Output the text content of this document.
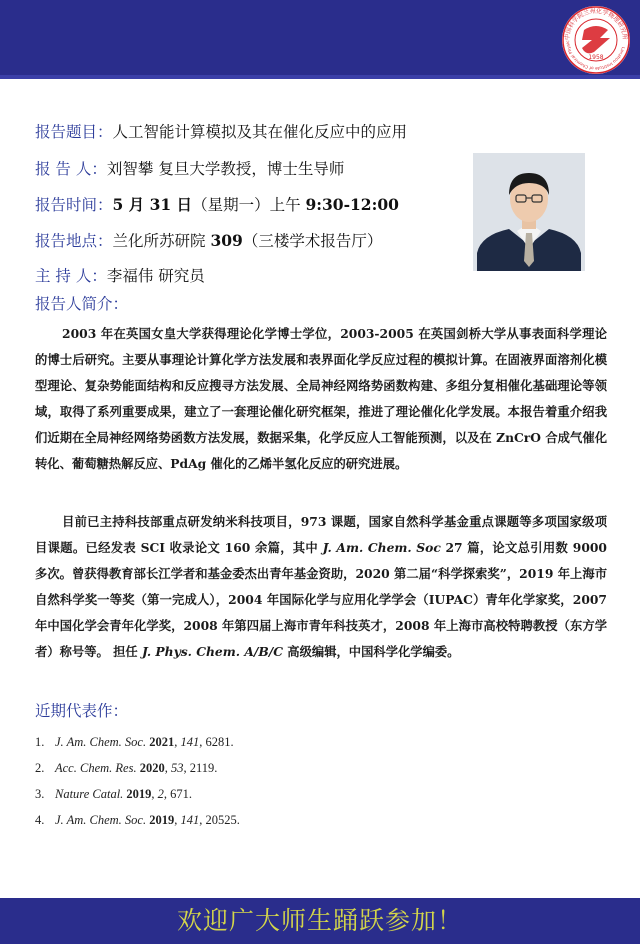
中国科学院兰州化学物理研究所
Lanzhou Institute of Chemical Physic
1958
报告题目：人工智能计算模拟及其在催化反应中的应用
报 告 人：刘智攀 复旦大学教授，博士生导师
报告时间：5 月 31 日（星期一）上午 9:30-12:00
报告地点：兰化所苏研院 309（三楼学术报告厅）
主 持 人：李福伟 研究员
报告人简介：
2003 年在英国女皇大学获得理论化学博士学位，2003-2005 在英国剑桥大学从事表面科学理论的博士后研究。主要从事理论计算化学方法发展和表界面化学反应过程的模拟计算。在固液界面溶剂化模型理论、复杂势能面结构和反应搜寻方法发展、全局神经网络势函数构建、多组分复相催化基础理论等领域，取得了系列重要成果，建立了一套理论催化研究框架，推进了理论催化化学发展。本报告着重介绍我们近期在全局神经网络势函数方法发展，数据采集，化学反应人工智能预测，以及在 ZnCrO 合成气催化转化、葡萄糖热解反应、PdAg 催化的乙烯半氢化反应的研究进展。
目前已主持科技部重点研发纳米科技项目，973 课题，国家自然科学基金重点课题等多项国家级项目课题。已经发表 SCI 收录论文 160 余篇，其中 J. Am. Chem. Soc 27 篇，论文总引用数 9000 多次。曾获得教育部长江学者和基金委杰出青年基金资助，2020 第二届“科学探索奖”，2019 年上海市自然科学奖一等奖（第一完成人），2004 年国际化学与应用化学学会（IUPAC）青年化学家奖，2007 年中国化学会青年化学奖，2008 年第四届上海市青年科技英才，2008 年上海市高校特聘教授（东方学者）称号等。 担任 J. Phys. Chem. A/B/C 高级编辑，中国科学化学编委。
近期代表作：
1. J. Am. Chem. Soc. 2021, 141, 6281.
2. Acc. Chem. Res. 2020, 53, 2119.
3. Nature Catal. 2019, 2, 671.
4. J. Am. Chem. Soc. 2019, 141, 20525.
欢迎广大师生踊跃参加！
